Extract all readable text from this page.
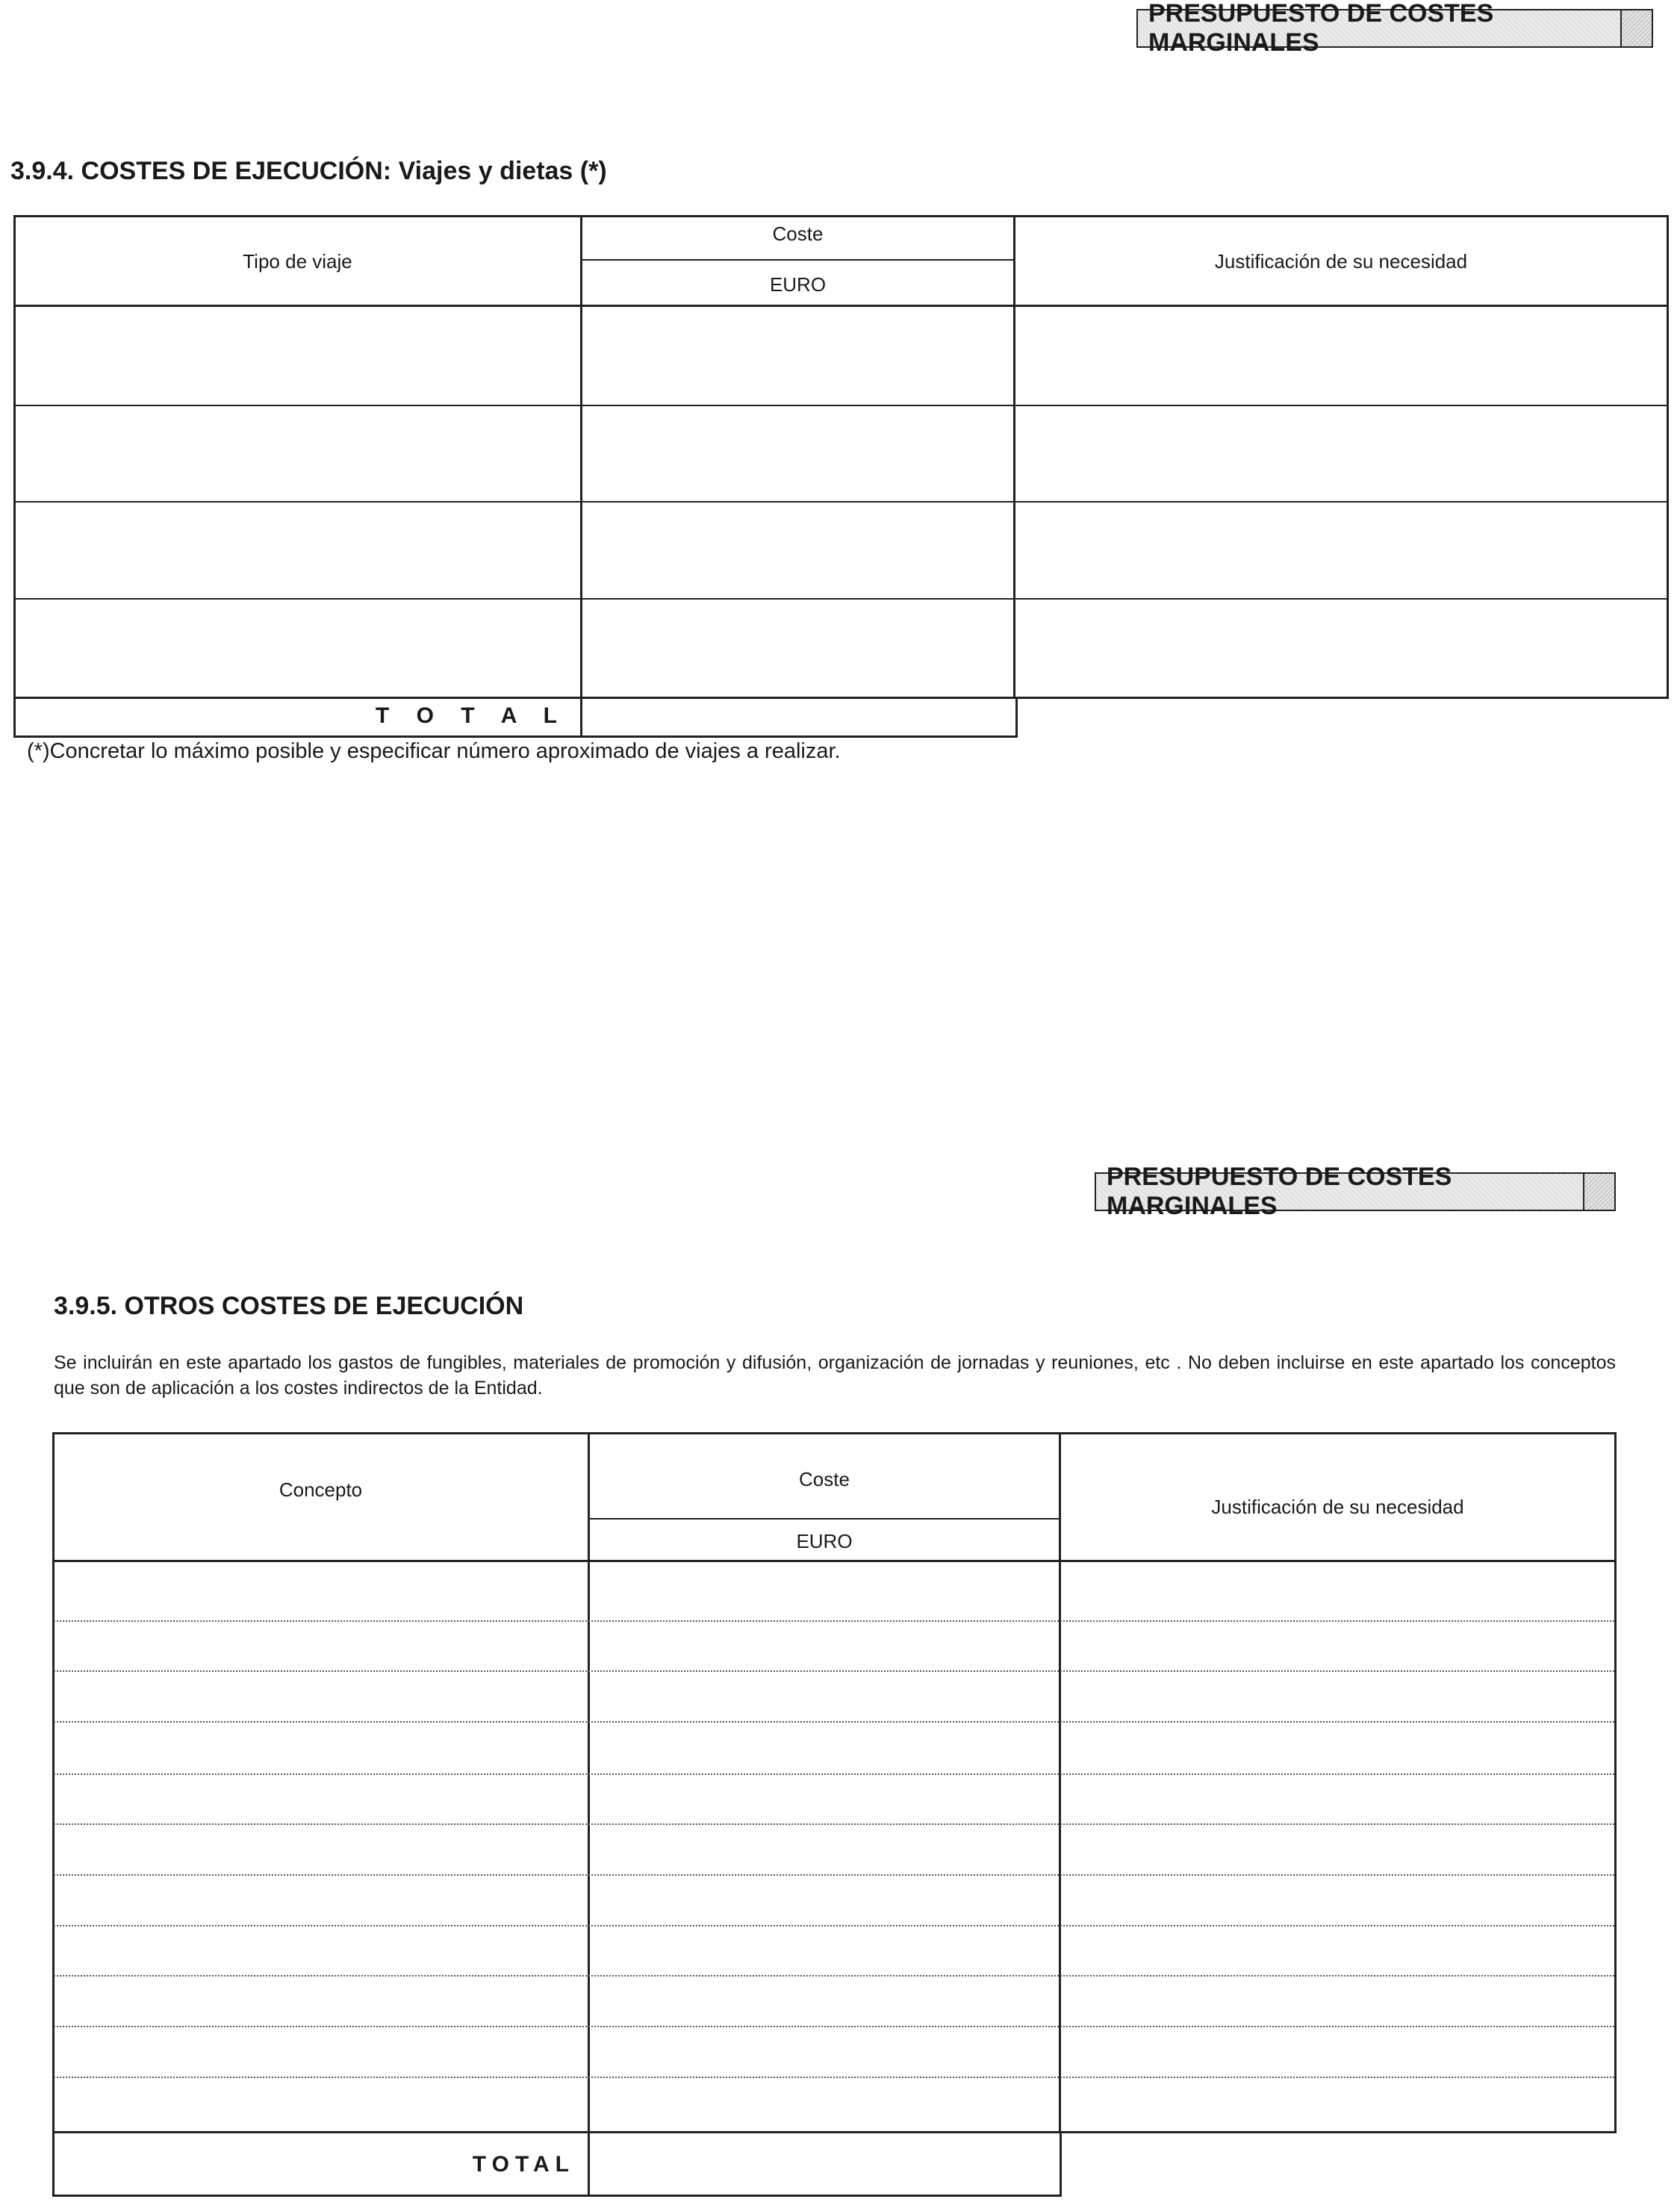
PRESUPUESTO DE COSTES MARGINALES
3.9.4. COSTES DE EJECUCIÓN: Viajes y dietas (*)
Tipo de viaje
Coste
EURO
Justificación de su necesidad
T O T A L
(*)Concretar lo máximo posible y especificar número aproximado de viajes a realizar.
PRESUPUESTO DE COSTES MARGINALES
3.9.5. OTROS COSTES DE EJECUCIÓN
Se incluirán en este apartado los gastos de fungibles, materiales de promoción y difusión, organización de jornadas y reuniones, etc . No deben incluirse en este apartado los conceptos que son de aplicación a los costes indirectos de la Entidad.
Concepto	Coste
EURO
Justificación de su necesidad
TOTAL
